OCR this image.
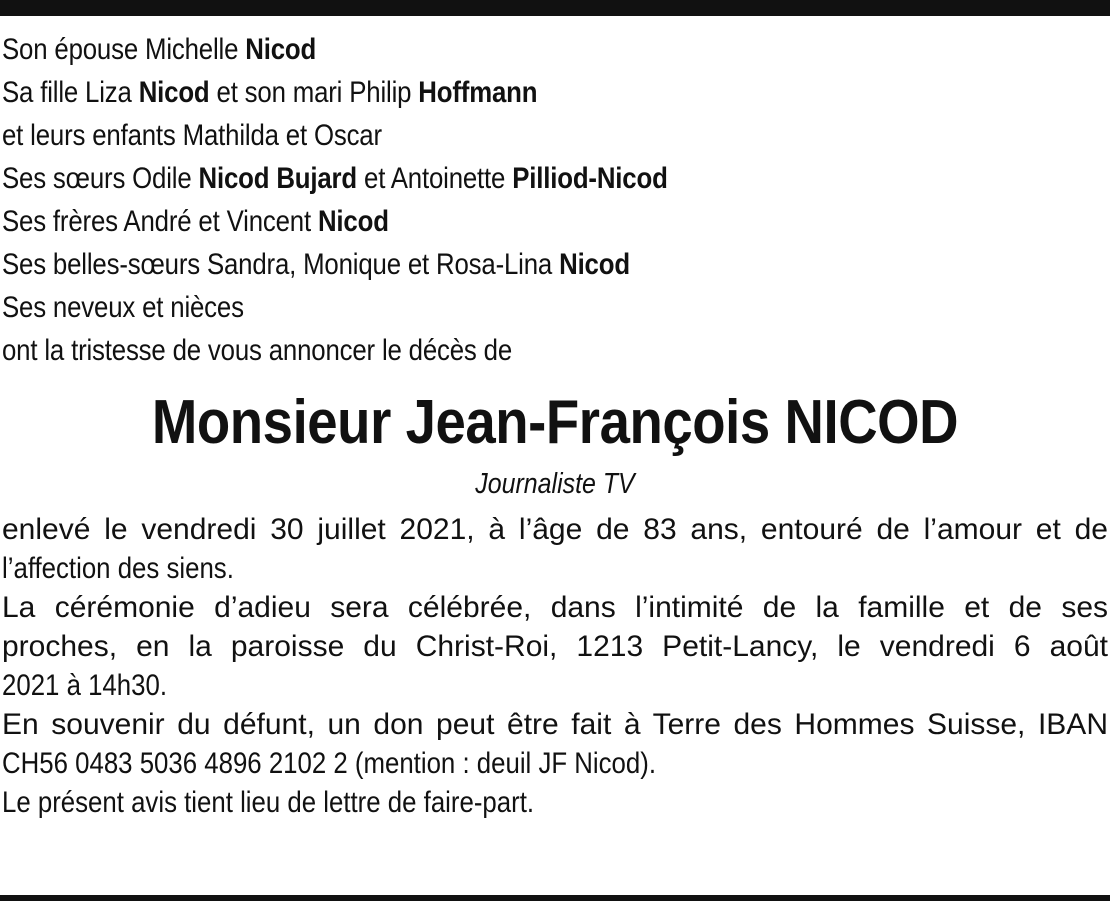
Son épouse Michelle Nicod
Sa fille Liza Nicod et son mari Philip Hoffmann
et leurs enfants Mathilda et Oscar
Ses sœurs Odile Nicod Bujard et Antoinette Pilliod-Nicod
Ses frères André et Vincent Nicod
Ses belles-sœurs Sandra, Monique et Rosa-Lina Nicod
Ses neveux et nièces
ont la tristesse de vous annoncer le décès de
Monsieur Jean-François NICOD
Journaliste TV
enlevé le vendredi 30 juillet 2021, à l’âge de 83 ans, entouré de l’amour et de
l’affection des siens.
La cérémonie d’adieu sera célébrée, dans l’intimité de la famille et de ses
proches, en la paroisse du Christ-Roi, 1213 Petit-Lancy, le vendredi 6 août
2021 à 14h30.
En souvenir du défunt, un don peut être fait à Terre des Hommes Suisse, IBAN
CH56 0483 5036 4896 2102 2 (mention : deuil JF Nicod).
Le présent avis tient lieu de lettre de faire-part.
